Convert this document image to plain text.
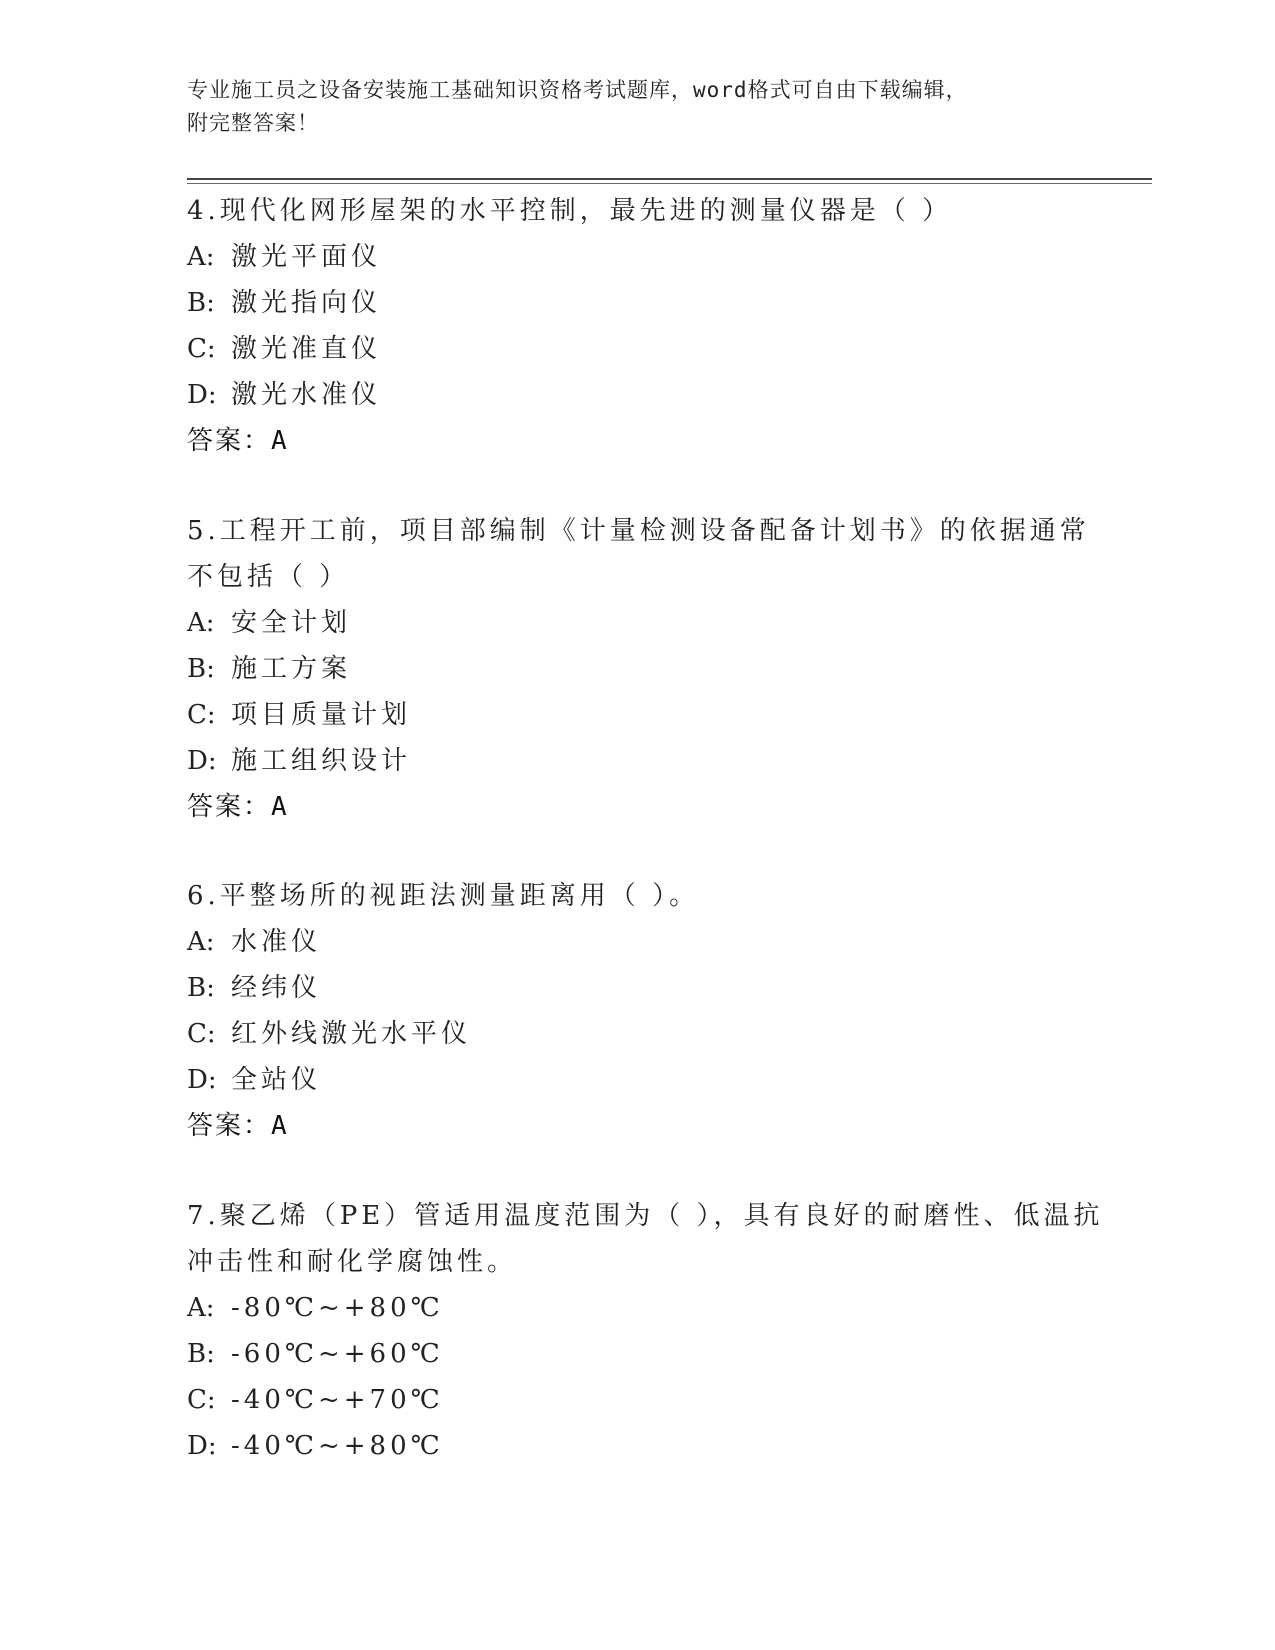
专业施工员之设备安装施工基础知识资格考试题库，word格式可自由下载编辑，
附完整答案！
4.现代化网形屋架的水平控制，最先进的测量仪器是（ ）
A: 激光平面仪
B: 激光指向仪
C: 激光准直仪
D: 激光水准仪
答案：A
5.工程开工前，项目部编制《计量检测设备配备计划书》的依据通常
不包括（ ）
A: 安全计划
B: 施工方案
C: 项目质量计划
D: 施工组织设计
答案：A
6.平整场所的视距法测量距离用（ ）。
A: 水准仪
B: 经纬仪
C: 红外线激光水平仪
D: 全站仪
答案：A
7.聚乙烯（PE）管适用温度范围为（ ），具有良好的耐磨性、低温抗
冲击性和耐化学腐蚀性。
A: -80℃~+80℃
B: -60℃~+60℃
C: -40℃~+70℃
D: -40℃~+80℃
